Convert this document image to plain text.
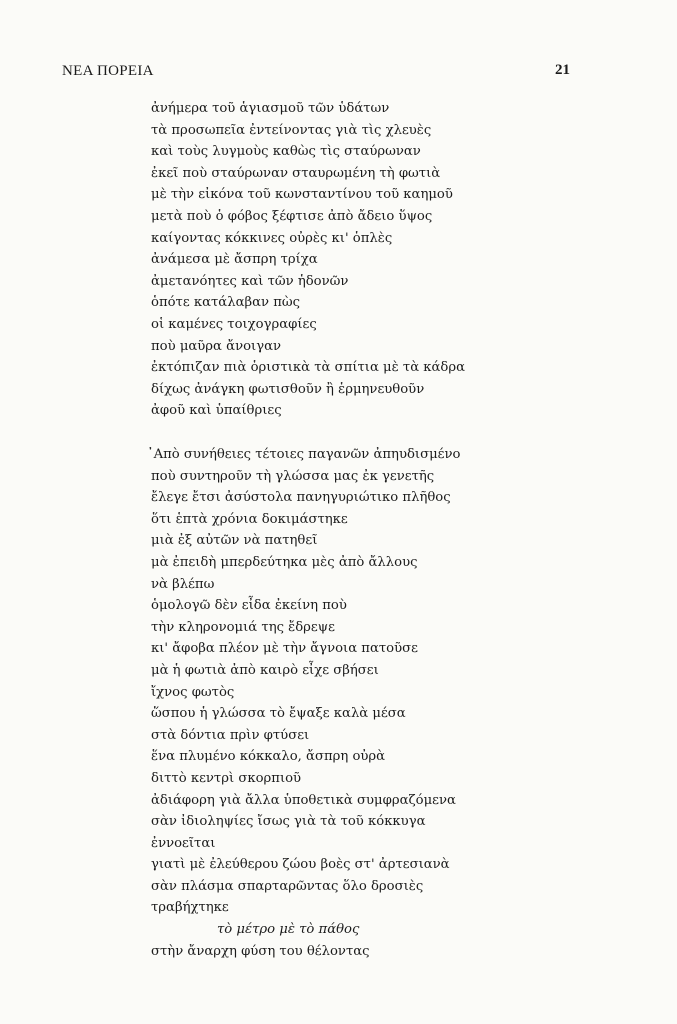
ΝΕΑ ΠΟΡΕΙΑ	21
ἀνήμερα τοῦ ἁγιασμοῦ τῶν ὑδάτων
τὰ προσωπεῖα ἐντείνοντας γιὰ τὶς χλευὲς
καὶ τοὺς λυγμοὺς καθὼς τὶς σταύρωναν
ἐκεῖ ποὺ σταύρωναν σταυρωμένη τὴ φωτιὰ
μὲ τὴν εἰκόνα τοῦ κωνσταντίνου τοῦ καημοῦ
μετὰ ποὺ ὁ φόβος ξέφτισε ἀπὸ ἄδειο ὕψος
καίγοντας κόκκινες οὐρὲς κι' ὁπλὲς
ἀνάμεσα μὲ ἄσπρη τρίχα
ἀμετανόητες καὶ τῶν ἡδονῶν
ὁπότε κατάλαβαν πὼς
οἱ καμένες τοιχογραφίες
ποὺ μαῦρα ἄνοιγαν
ἐκτόπιζαν πιὰ ὁριστικὰ τὰ σπίτια μὲ τὰ κάδρα
δίχως ἀνάγκη φωτισθοῦν ἢ ἑρμηνευθοῦν
ἀφοῦ καὶ ὑπαίθριες
᾿Απὸ συνήθειες τέτοιες παγανῶν ἀπηυδισμένο
ποὺ συντηροῦν τὴ γλώσσα μας ἐκ γενετῆς
ἔλεγε ἔτσι ἀσύστολα πανηγυριώτικο πλῆθος
ὅτι ἑπτὰ χρόνια δοκιμάστηκε
μιὰ ἐξ αὐτῶν νὰ πατηθεῖ
μὰ ἐπειδὴ μπερδεύτηκα μὲς ἀπὸ ἄλλους
νὰ βλέπω
ὁμολογῶ δὲν εἶδα ἐκείνη ποὺ
τὴν κληρονομιά της ἔδρεψε
κι' ἄφοβα πλέον μὲ τὴν ἄγνοια πατοῦσε
μὰ ἡ φωτιὰ ἀπὸ καιρὸ εἶχε σβήσει
ἴχνος φωτὸς
ὥσπου ἡ γλώσσα τὸ ἔψαξε καλὰ μέσα
στὰ δόντια πρὶν φτύσει
ἕνα πλυμένο κόκκαλο, ἄσπρη οὐρὰ
διττὸ κεντρὶ σκορπιοῦ
ἀδιάφορη γιὰ ἄλλα ὑποθετικὰ συμφραζόμενα
σὰν ἰδιοληψίες ἴσως γιὰ τὰ τοῦ κόκκυγα
ἐννοεῖται
γιατὶ μὲ ἐλεύθερου ζώου βοὲς στ' ἀρτεσιανὰ
σὰν πλάσμα σπαρταρῶντας ὅλο δροσιὲς
τραβήχτηκε
τὸ μέτρο μὲ τὸ πάθος
στὴν ἄναρχη φύση του θέλοντας
